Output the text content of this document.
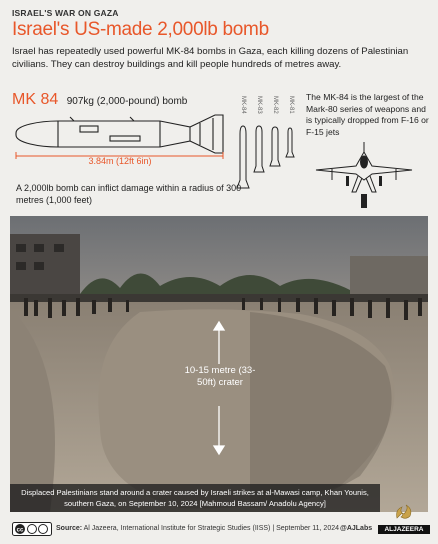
ISRAEL'S WAR ON GAZA
Israel's US-made 2,000lb bomb

Israel has repeatedly used powerful MK-84 bombs in Gaza, each killing dozens of Palestinian civilians. They can destroy buildings and kill people hundreds of metres away.

MK 84 907kg (2,000-pound) bomb
3.84m (12ft 6in)
A 2,000lb bomb can inflict damage within a radius of 300 metres (1,000 feet)
MK-84 MK-83 MK-82 MK-81 The MK-84 is the largest of the Mark-80 series of weapons and is typically dropped from F-16 or F-15 jets
10-15 metre (33-50ft) crater
Displaced Palestinians stand around a crater caused by Israeli strikes at al-Mawasi camp, Khan Younis, southern Gaza, on September 10, 2024 [Mahmoud Bassam/ Anadolu Agency]
cc	Source: Al Jazeera, International Institute for Strategic Studies (IISS) | September 11, 2024 @AJLabs	ALJAZEERA
